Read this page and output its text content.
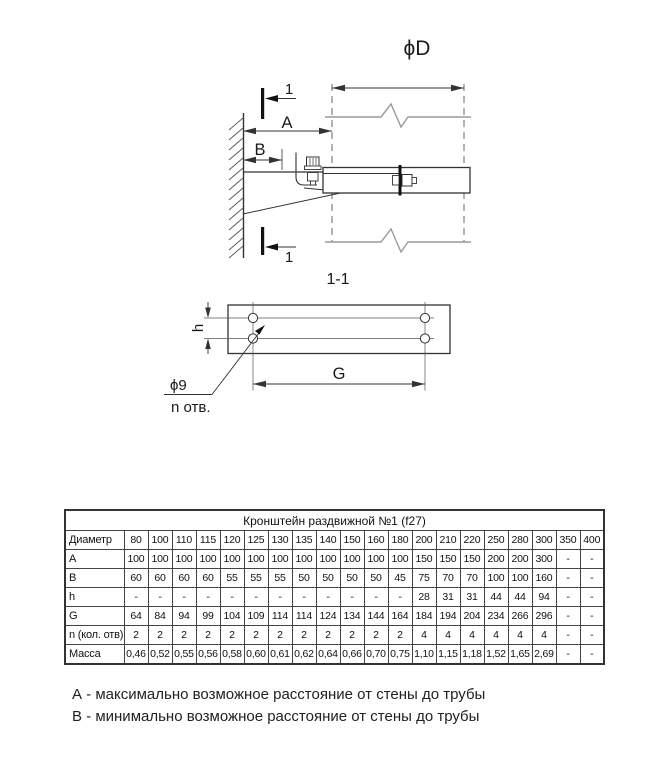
ϕD
1
1
А
В
1-1
h
G
ϕ9
n отв.
Кронштейн раздвижной №1 (f27)																				
Диаметр	80	100	110	115	120	125	130	135	140	150	160	180	200	210	220	250	280	300	350	400
А	100	100	100	100	100	100	100	100	100	100	100	100	150	150	150	200	200	300	-	-
В	60	60	60	60	55	55	55	50	50	50	50	45	75	70	70	100	100	160	-	-
h	-	-	-	-	-	-	-	-	-	-	-	-	28	31	31	44	44	94	-	-
G	64	84	94	99	104	109	114	114	124	134	144	164	184	194	204	234	266	296	-	-
n (кол. отв)	2	2	2	2	2	2	2	2	2	2	2	2	4	4	4	4	4	4	-	-
Масса	0,46	0,52	0,55	0,56	0,58	0,60	0,61	0,62	0,64	0,66	0,70	0,75	1,10	1,15	1,18	1,52	1,65	2,69	-	-
А - максимально возможное расстояние от стены до трубы
В - минимально возможное расстояние от стены до трубы
